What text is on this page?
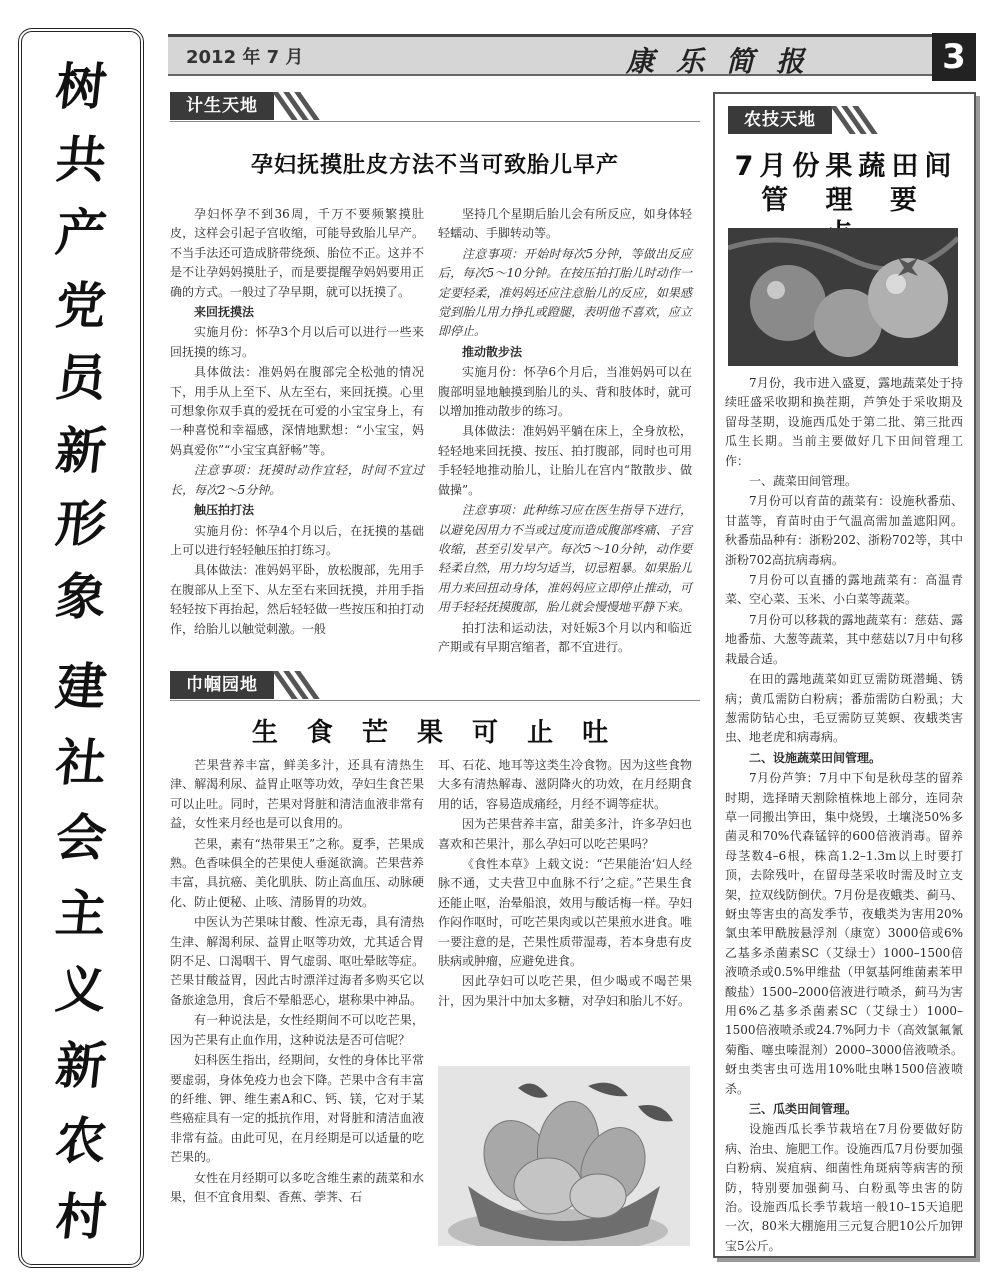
树
共
产
党
员
新
形
象
建
社
会
主
义
新
农
村
2012 年 7 月	康乐简报	3
计生天地
孕妇抚摸肚皮方法不当可致胎儿早产

孕妇怀孕不到36周，千万不要频繁摸肚皮，这样会引起子宫收缩，可能导致胎儿早产。不当手法还可造成脐带绕颈、胎位不正。这并不是不让孕妈妈摸肚子，而是要提醒孕妈妈要用正确的方式。一般过了孕早期，就可以抚摸了。

来回抚摸法

实施月份：怀孕3个月以后可以进行一些来回抚摸的练习。

具体做法：准妈妈在腹部完全松弛的情况下，用手从上至下、从左至右，来回抚摸。心里可想象你双手真的爱抚在可爱的小宝宝身上，有一种喜悦和幸福感，深情地默想：“小宝宝，妈妈真爱你”“小宝宝真舒畅”等。

注意事项：抚摸时动作宜轻，时间不宜过长，每次2～5分钟。

触压拍打法

实施月份：怀孕4个月以后，在抚摸的基础上可以进行轻轻触压拍打练习。

具体做法：准妈妈平卧，放松腹部，先用手在腹部从上至下、从左至右来回抚摸，并用手指轻轻按下再抬起，然后轻轻做一些按压和拍打动作，给胎儿以触觉刺激。一般

坚持几个星期后胎儿会有所反应，如身体轻轻蠕动、手脚转动等。

注意事项：开始时每次5分钟，等做出反应后，每次5～10分钟。在按压拍打胎儿时动作一定要轻柔，准妈妈还应注意胎儿的反应，如果感觉到胎儿用力挣扎或蹬腿，表明他不喜欢，应立即停止。

推动散步法

实施月份：怀孕6个月后，当准妈妈可以在腹部明显地触摸到胎儿的头、背和肢体时，就可以增加推动散步的练习。

具体做法：准妈妈平躺在床上，全身放松，轻轻地来回抚摸、按压、拍打腹部，同时也可用手轻轻地推动胎儿，让胎儿在宫内“散散步、做做操”。

注意事项：此种练习应在医生指导下进行，以避免因用力不当或过度而造成腹部疼痛、子宫收缩，甚至引发早产。每次5～10分钟，动作要轻柔自然，用力均匀适当，切忌粗暴。如果胎儿用力来回扭动身体，准妈妈应立即停止推动，可用手轻轻抚摸腹部，胎儿就会慢慢地平静下来。

拍打法和运动法，对妊娠3个月以内和临近产期或有早期宫缩者，都不宜进行。

巾帼园地
生 食 芒 果 可 止 吐

芒果营养丰富，鲜美多汁，还具有清热生津、解渴利尿、益胃止呕等功效，孕妇生食芒果可以止吐。同时，芒果对肾脏和清洁血液非常有益，女性来月经也是可以食用的。

芒果，素有“热带果王”之称。夏季，芒果成熟。色香味俱全的芒果使人垂涎欲滴。芒果营养丰富，具抗癌、美化肌肤、防止高血压、动脉硬化、防止便秘、止咳、清肠胃的功效。

中医认为芒果味甘酸、性凉无毒，具有清热生津、解渴利尿、益胃止呕等功效，尤其适合胃阴不足、口渴咽干、胃气虚弱、呕吐晕眩等症。芒果甘酸益胃，因此古时漂洋过海者多购买它以备旅途急用，食后不晕船恶心，堪称果中神品。

有一种说法是，女性经期间不可以吃芒果，因为芒果有止血作用，这种说法是否可信呢？

妇科医生指出，经期间，女性的身体比平常要虚弱，身体免疫力也会下降。芒果中含有丰富的纤维、钾、维生素A和C、钙、镁，它对于某些癌症具有一定的抵抗作用，对肾脏和清洁血液非常有益。由此可见，在月经期是可以适量的吃芒果的。

女性在月经期可以多吃含维生素的蔬菜和水果，但不宜食用梨、香蕉、荸荠、石

耳、石花、地耳等这类生冷食物。因为这些食物大多有清热解毒、滋阴降火的功效，在月经期食用的话，容易造成痛经，月经不调等症状。

因为芒果营养丰富，甜美多汁，许多孕妇也喜欢和芒果汁，那么孕妇可以吃芒果吗？

《食性本草》上载文说：“芒果能治‘妇人经脉不通，丈夫营卫中血脉不行’之症。”芒果生食还能止呕，治晕船浪，效用与酸话梅一样。孕妇作闷作呕时，可吃芒果肉或以芒果煎水进食。唯一要注意的是，芒果性质带湿毒，若本身患有皮肤病或肿瘤，应避免进食。

因此孕妇可以吃芒果，但少喝或不喝芒果汁，因为果汁中加太多糖，对孕妇和胎儿不好。

农技天地
7月份果蔬田间
管 理 要

7月份，我市进入盛夏，露地蔬菜处于持续旺盛采收期和换茬期，芦笋处于采收期及留母茎期，设施西瓜处于第二批、第三批西瓜生长期。当前主要做好几下田间管理工作：

一、蔬菜田间管理。

7月份可以育苗的蔬菜有：设施秋番茄、甘蓝等，育苗时由于气温高需加盖遮阳网。秋番茄品种有：浙粉202、浙粉702等，其中浙粉702高抗病毒病。

7月份可以直播的露地蔬菜有：高温青菜、空心菜、玉米、小白菜等蔬菜。

7月份可以移栽的露地蔬菜有：慈菇、露地番茄、大葱等蔬菜，其中慈菇以7月中旬移栽最合适。

在田的露地蔬菜如豇豆需防斑潜蝇、锈病；黄瓜需防白粉病；番茄需防白粉虱；大葱需防钻心虫，毛豆需防豆荚螟、夜蛾类害虫、地老虎和病毒病。

二、设施蔬菜田间管理。

7月份芦笋：7月中下旬是秋母茎的留养时期，选择晴天割除植株地上部分，连同杂草一同搬出笋田，集中烧毁，土壤浇50%多菌灵和70%代森锰锌的600倍液消毒。留养母茎数4–6根，株高1.2–1.3m以上时要打顶，去除残叶，在留母茎采收时需及时立支架，拉双线防倒伏。7月份是夜蛾类、蓟马、蚜虫等害虫的高发季节，夜蛾类为害用20%氯虫苯甲酰胺悬浮剂（康宽）3000倍或6%乙基多杀菌素SC（艾绿士）1000–1500倍液喷杀或0.5%甲维盐（甲氨基阿维菌素苯甲酸盐）1500–2000倍液进行喷杀，蓟马为害用6%乙基多杀菌素SC（艾绿士）1000–1500倍液喷杀或24.7%阿力卡（高效氯氟氰菊酯、噻虫嗪混剂）2000–3000倍液喷杀。蚜虫类害虫可选用10%吡虫啉1500倍液喷杀。

三、瓜类田间管理。

设施西瓜长季节栽培在7月份要做好防病、治虫、施肥工作。设施西瓜7月份要加强白粉病、炭疽病、细菌性角斑病等病害的预防，特别要加强蓟马、白粉虱等虫害的防治。设施西瓜长季节栽培一般10–15天追肥一次，80米大棚施用三元复合肥10公斤加钾宝5公斤。
